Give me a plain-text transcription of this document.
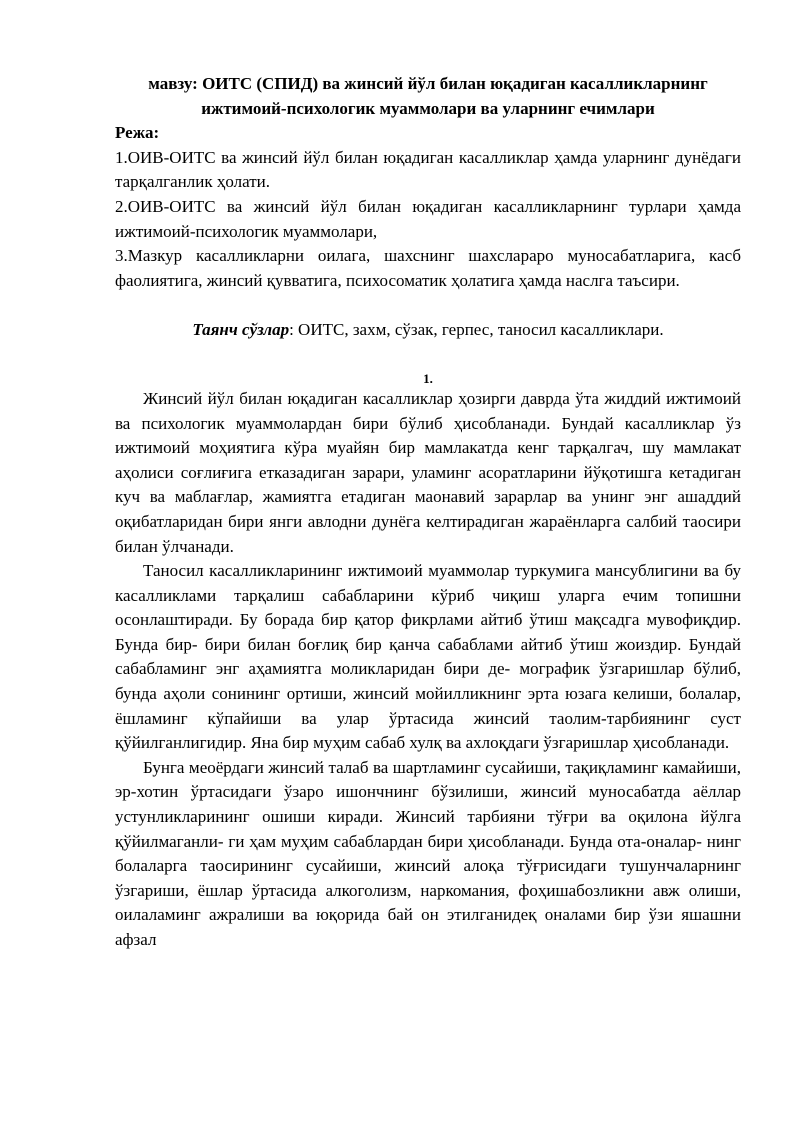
мавзу: ОИТС (СПИД) ва жинсий йўл билан юқадиган касалликларнинг
ижтимоий-психологик муаммолари ва уларнинг ечимлари

Режа:

1.ОИВ-ОИТС ва жинсий йўл билан юқадиган касалликлар ҳамда уларнинг дунёдаги тарқалганлик ҳолати.

2.ОИВ-ОИТС ва жинсий йўл билан юқадиган касалликларнинг турлари ҳамда ижтимоий-психологик муаммолари,

3.Мазкур касалликларни оилага, шахснинг шахслараро муносабатларига, касб фаолиятига, жинсий қувватига, психосоматик ҳолатига ҳамда наслга таъсири.

Таянч сўзлар: ОИТС, захм, сўзак, герпес, таносил касалликлари.

1.

Жинсий йўл билан юқадиган касалликлар ҳозирги даврда ўта жиддий ижтимоий ва психологик муаммолардан бири бўлиб ҳисобланади. Бундай касалликлар ўз ижтимоий моҳиятига кўра муайян бир мамлакатда кенг тарқалгач, шу мамлакат аҳолиси соғлиғига етказадиган зарари, уламинг асоратларини йўқотишга кетадиган куч ва маблағлар, жамиятга етадиган маонавий зарарлар ва унинг энг ашаддий оқибатларидан бири янги авлодни дунёга келтирадиган жараёнларга салбий таосири билан ўлчанади.

Таносил касалликларининг ижтимоий муаммолар туркумига мансублигини ва бу касалликлами тарқалиш сабабларини кўриб чиқиш уларга ечим топишни осонлаштиради. Бу борада бир қатор фикрлами айтиб ўтиш мақсадга мувофиқдир. Бунда бир- бири билан боғлиқ бир қанча сабаблами айтиб ўтиш жоиздир. Бундай сабабламинг энг аҳамиятга моликларидан бири де- мографик ўзгаришлар бўлиб, бунда аҳоли сонининг ортиши, жинсий мойилликнинг эрта юзага келиши, болалар, ёшламинг кўпайиши ва улар ўртасида жинсий таолим-тарбиянинг суст қўйилганлигидир. Яна бир муҳим сабаб хулқ ва ахлоқдаги ўзгаришлар ҳисобланади.

Бунга меоёрдаги жинсий талаб ва шартламинг сусайиши, тақиқламинг камайиши, эр-хотин ўртасидаги ўзаро ишончнинг бўзилиши, жинсий муносабатда аёллар устунликларининг ошиши киради. Жинсий тарбияни тўғри ва оқилона йўлга қўйилмаганли- ги ҳам муҳим сабаблардан бири ҳисобланади. Бунда ота-оналар- нинг болаларга таосирининг сусайиши, жинсий алоқа тўғрисидаги тушунчаларнинг ўзгариши, ёшлар ўртасида алкоголизм, наркомания, фоҳишабозликни авж олиши, оилаламинг ажралиши ва юқорида бай он этилганидеқ оналами бир ўзи яшашни афзал
